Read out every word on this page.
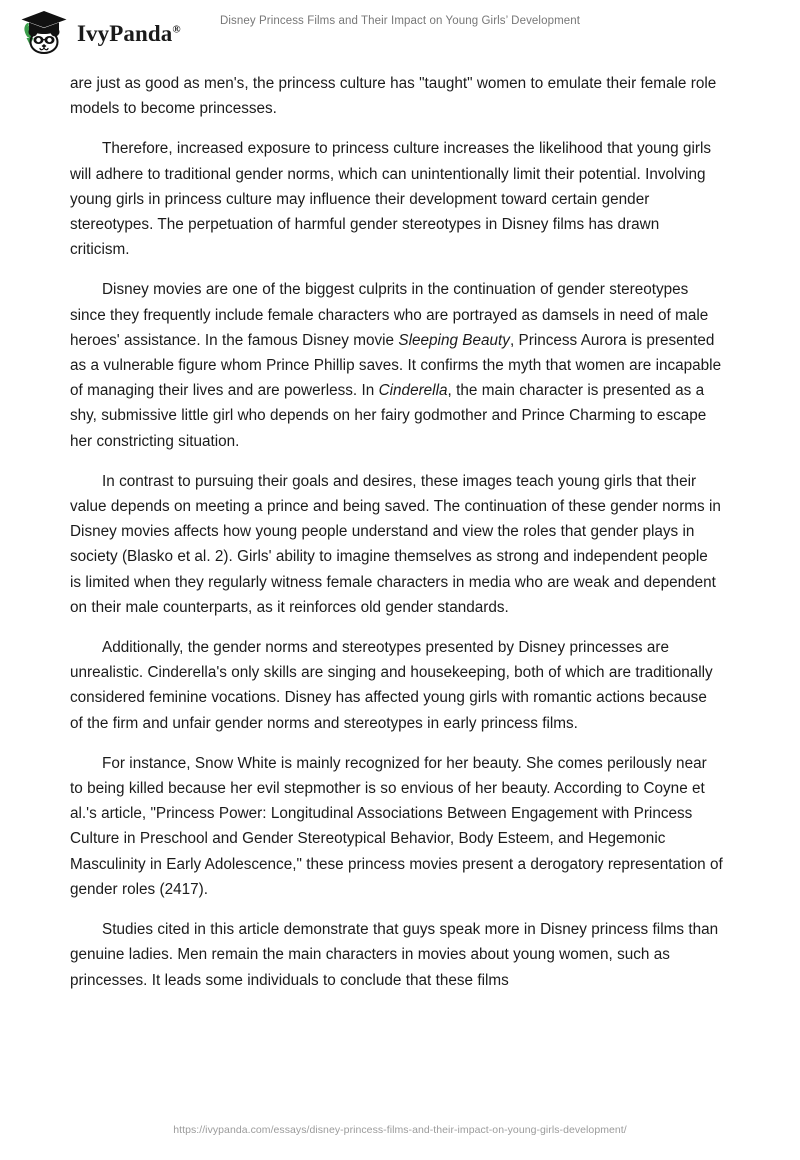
IvyPanda®
Disney Princess Films and Their Impact on Young Girls’ Development

are just as good as men's, the princess culture has "taught" women to emulate their female role models to become princesses.

Therefore, increased exposure to princess culture increases the likelihood that young girls will adhere to traditional gender norms, which can unintentionally limit their potential. Involving young girls in princess culture may influence their development toward certain gender stereotypes. The perpetuation of harmful gender stereotypes in Disney films has drawn criticism.

Disney movies are one of the biggest culprits in the continuation of gender stereotypes since they frequently include female characters who are portrayed as damsels in need of male heroes' assistance. In the famous Disney movie Sleeping Beauty, Princess Aurora is presented as a vulnerable figure whom Prince Phillip saves. It confirms the myth that women are incapable of managing their lives and are powerless. In Cinderella, the main character is presented as a shy, submissive little girl who depends on her fairy godmother and Prince Charming to escape her constricting situation.

In contrast to pursuing their goals and desires, these images teach young girls that their value depends on meeting a prince and being saved. The continuation of these gender norms in Disney movies affects how young people understand and view the roles that gender plays in society (Blasko et al. 2). Girls' ability to imagine themselves as strong and independent people is limited when they regularly witness female characters in media who are weak and dependent on their male counterparts, as it reinforces old gender standards.

Additionally, the gender norms and stereotypes presented by Disney princesses are unrealistic. Cinderella's only skills are singing and housekeeping, both of which are traditionally considered feminine vocations. Disney has affected young girls with romantic actions because of the firm and unfair gender norms and stereotypes in early princess films.

For instance, Snow White is mainly recognized for her beauty. She comes perilously near to being killed because her evil stepmother is so envious of her beauty. According to Coyne et al.'s article, "Princess Power: Longitudinal Associations Between Engagement with Princess Culture in Preschool and Gender Stereotypical Behavior, Body Esteem, and Hegemonic Masculinity in Early Adolescence," these princess movies present a derogatory representation of gender roles (2417).

Studies cited in this article demonstrate that guys speak more in Disney princess films than genuine ladies. Men remain the main characters in movies about young women, such as princesses. It leads some individuals to conclude that these films

https://ivypanda.com/essays/disney-princess-films-and-their-impact-on-young-girls-development/
